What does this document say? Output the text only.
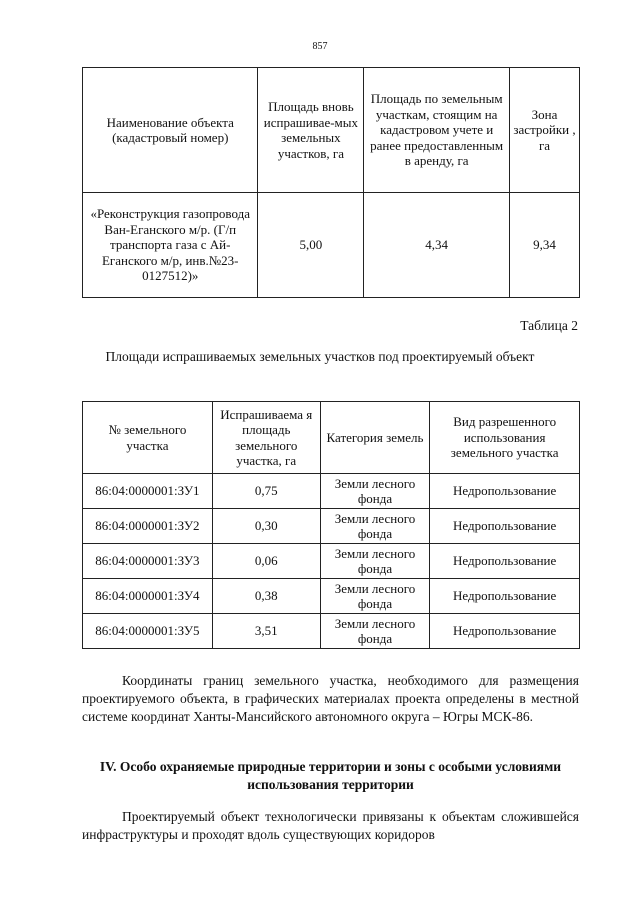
857
Наименование объекта (кадастровый номер)	Площадь вновь испрашивае-мых земельных участков, га	Площадь по земельным участкам, стоящим на кадастровом учете и ранее предоставленным в аренду, га	Зона застройки , га
«Реконструкция газопровода Ван-Еганского м/р. (Г/п транспорта газа с Ай-Еганского м/р, инв.№23-0127512)»	5,00	4,34	9,34
Таблица 2
Площади испрашиваемых земельных участков под проектируемый объект
№ земельного участка	Испрашиваема я площадь земельного участка, га	Категория земель	Вид разрешенного использования земельного участка
86:04:0000001:ЗУ1	0,75	Земли лесного фонда	Недропользование
86:04:0000001:ЗУ2	0,30	Земли лесного фонда	Недропользование
86:04:0000001:ЗУ3	0,06	Земли лесного фонда	Недропользование
86:04:0000001:ЗУ4	0,38	Земли лесного фонда	Недропользование
86:04:0000001:ЗУ5	3,51	Земли лесного фонда	Недропользование
Координаты границ земельного участка, необходимого для размещения проектируемого объекта, в графических материалах проекта определены в местной системе координат Ханты-Мансийского автономного округа – Югры МСК-86.
IV. Особо охраняемые природные территории и зоны с особыми условиями использования территории
Проектируемый объект технологически привязаны к объектам сложившейся инфраструктуры и проходят вдоль существующих коридоров
